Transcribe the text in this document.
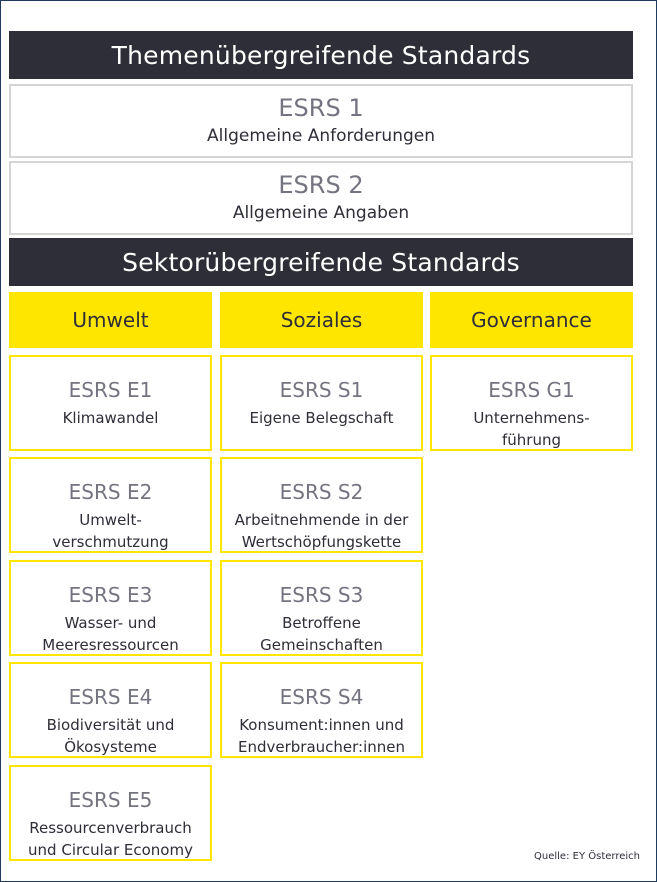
Themenübergreifende Standards
ESRS 1
Allgemeine Anforderungen
ESRS 2
Allgemeine Angaben
Sektorübergreifende Standards
Umwelt	Soziales	Governance
ESRS E1
Klimawandel
ESRS E2
Umwelt-
verschmutzung
ESRS E3
Wasser- und
Meeresressourcen
ESRS E4
Biodiversität und
Ökosysteme
ESRS E5
Ressourcenverbrauch
und Circular Economy
ESRS S1
Eigene Belegschaft
ESRS S2
Arbeitnehmende in der
Wertschöpfungskette
ESRS S3
Betroffene
Gemeinschaften
ESRS S4
Konsument:innen und
Endverbraucher:innen
ESRS G1
Unternehmens-
führung
Quelle: EY Österreich
